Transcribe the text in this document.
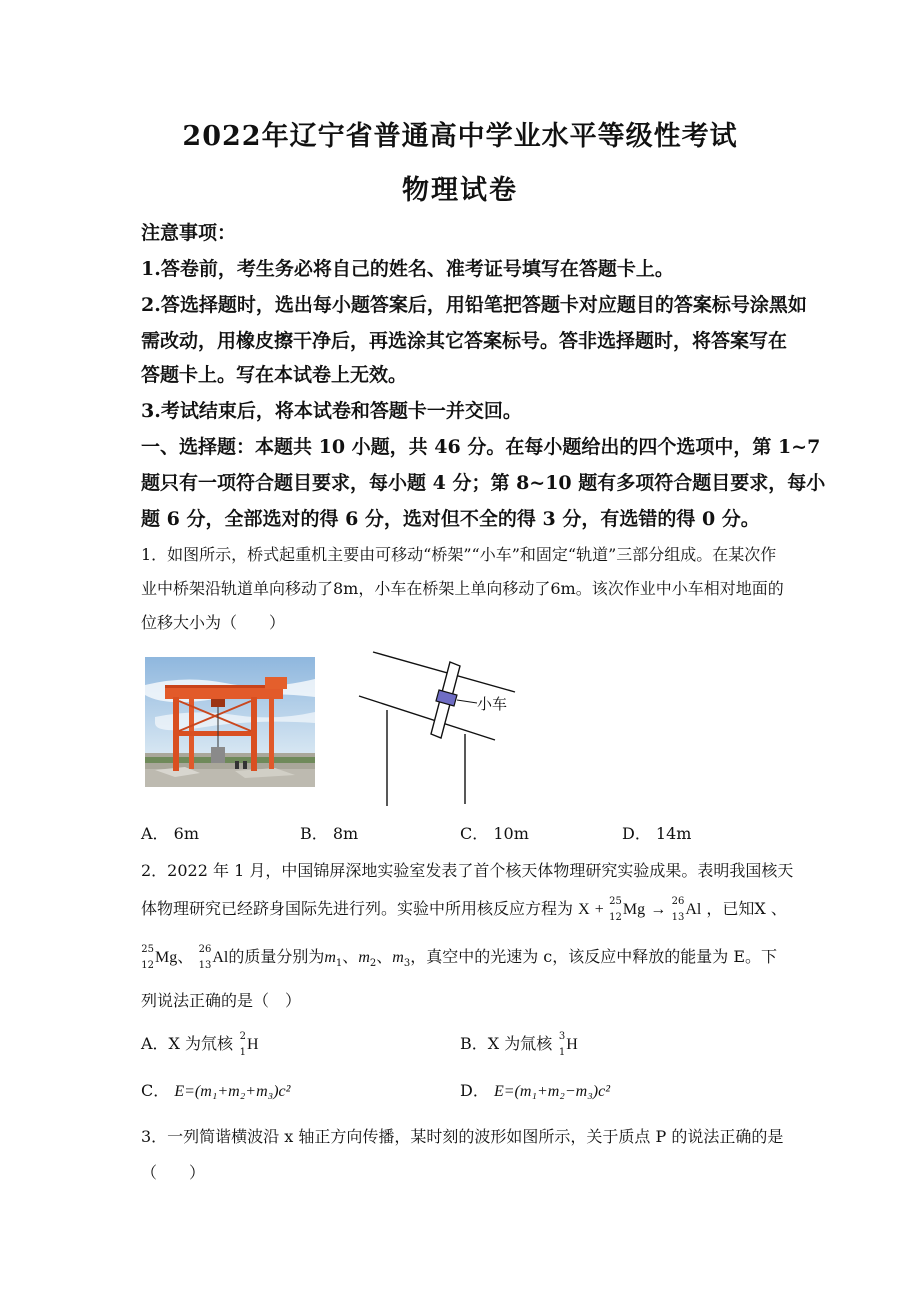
2022年辽宁省普通高中学业水平等级性考试
物理试卷
注意事项：
1.答卷前，考生务必将自己的姓名、准考证号填写在答题卡上。
2.答选择题时，选出每小题答案后，用铅笔把答题卡对应题目的答案标号涂黑如
需改动，用橡皮擦干净后，再选涂其它答案标号。答非选择题时，将答案写在
答题卡上。写在本试卷上无效。
3.考试结束后，将本试卷和答题卡一并交回。
一、选择题：本题共 10 小题，共 46 分。在每小题给出的四个选项中，第 1~7
题只有一项符合题目要求，每小题 4 分；第 8~10 题有多项符合题目要求，每小
题 6 分，全部选对的得 6 分，选对但不全的得 3 分，有选错的得 0 分。
1．如图所示，桥式起重机主要由可移动“桥架”“小车”和固定“轨道”三部分组成。在某次作
业中桥架沿轨道单向移动了8m，小车在桥架上单向移动了6m。该次作业中小车相对地面的
位移大小为（　　）
小车
A． 6m	B． 8m	C． 10m	D． 14m
2．2022 年 1 月，中国锦屏深地实验室发表了首个核天体物理研究实验成果。表明我国核天
体物理研究已经跻身国际先进行列。实验中所用核反应方程为 X + 25
12 Mg → 26
13 Al ，已知X 、
25
12 Mg、 26
13 Al的质量分别为$m_1$、$m_2$、$m_3$，真空中的光速为 c，该反应中释放的能量为 E。下
列说法正确的是（　）
A．X 为氘核 2
1 H	B．X 为氚核 3
1 H
C． E=(m₁+m₂+m₃)c²	D． E=(m₁+m₂−m₃)c²
3．一列简谐横波沿 x 轴正方向传播，某时刻的波形如图所示，关于质点 P 的说法正确的是
（　　）
